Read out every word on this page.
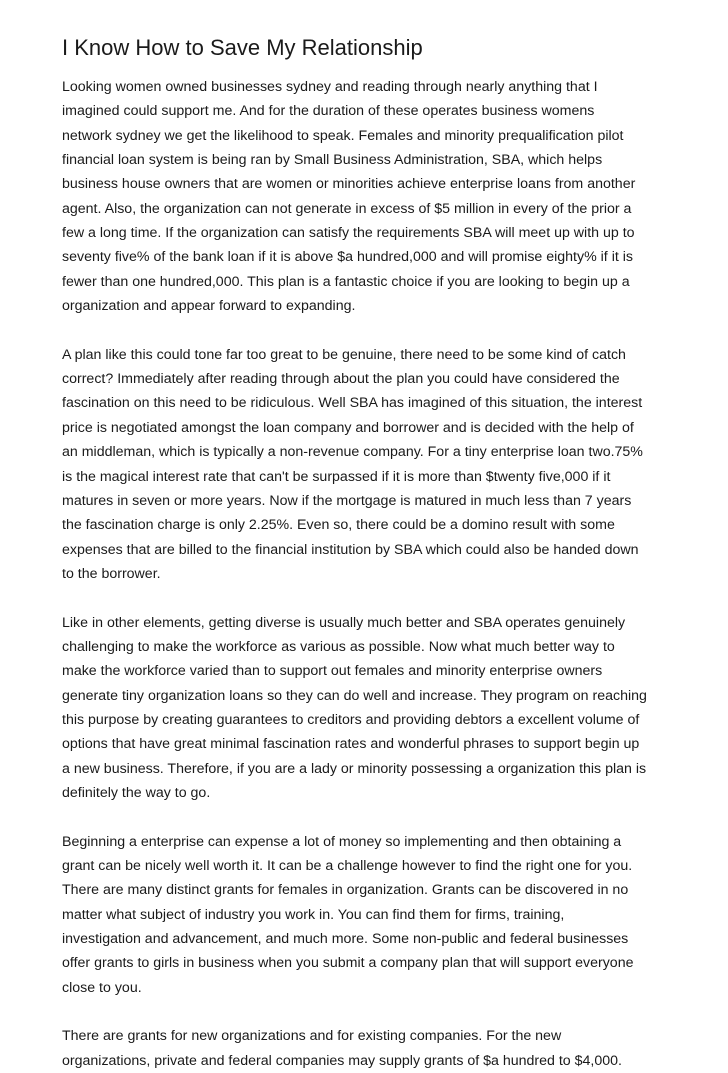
I Know How to Save My Relationship

Looking women owned businesses sydney and reading through nearly anything that I
imagined could support me. And for the duration of these operates business womens
network sydney we get the likelihood to speak. Females and minority prequalification pilot
financial loan system is being ran by Small Business Administration, SBA, which helps
business house owners that are women or minorities achieve enterprise loans from another
agent. Also, the organization can not generate in excess of $5 million in every of the prior a
few a long time. If the organization can satisfy the requirements SBA will meet up with up to
seventy five% of the bank loan if it is above $a hundred,000 and will promise eighty% if it is
fewer than one hundred,000. This plan is a fantastic choice if you are looking to begin up a
organization and appear forward to expanding.

A plan like this could tone far too great to be genuine, there need to be some kind of catch
correct? Immediately after reading through about the plan you could have considered the
fascination on this need to be ridiculous. Well SBA has imagined of this situation, the interest
price is negotiated amongst the loan company and borrower and is decided with the help of
an middleman, which is typically a non-revenue company. For a tiny enterprise loan two.75%
is the magical interest rate that can't be surpassed if it is more than $twenty five,000 if it
matures in seven or more years. Now if the mortgage is matured in much less than 7 years
the fascination charge is only 2.25%. Even so, there could be a domino result with some
expenses that are billed to the financial institution by SBA which could also be handed down
to the borrower.

Like in other elements, getting diverse is usually much better and SBA operates genuinely
challenging to make the workforce as various as possible. Now what much better way to
make the workforce varied than to support out females and minority enterprise owners
generate tiny organization loans so they can do well and increase. They program on reaching
this purpose by creating guarantees to creditors and providing debtors a excellent volume of
options that have great minimal fascination rates and wonderful phrases to support begin up
a new business. Therefore, if you are a lady or minority possessing a organization this plan is
definitely the way to go.

Beginning a enterprise can expense a lot of money so implementing and then obtaining a
grant can be nicely well worth it. It can be a challenge however to find the right one for you.
There are many distinct grants for females in organization. Grants can be discovered in no
matter what subject of industry you work in. You can find them for firms, training,
investigation and advancement, and much more. Some non-public and federal businesses
offer grants to girls in business when you submit a company plan that will support everyone
close to you.

There are grants for new organizations and for existing companies. For the new
organizations, private and federal companies may supply grants of $a hundred to $4,000.
